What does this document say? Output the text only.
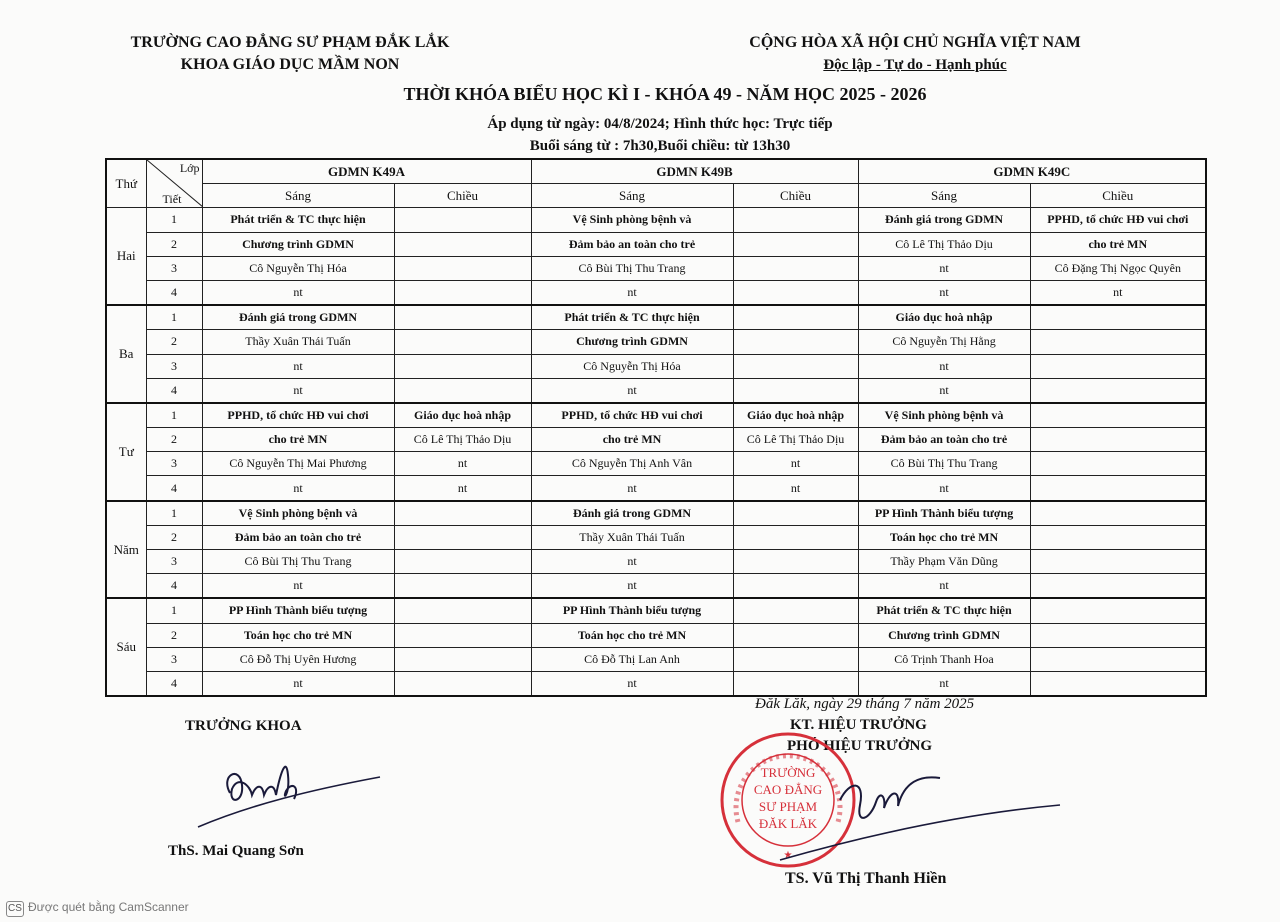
TRƯỜNG CAO ĐẲNG SƯ PHẠM ĐẮK LẮK
KHOA GIÁO DỤC MẦM NON
CỘNG HÒA XÃ HỘI CHỦ NGHĨA VIỆT NAM
Độc lập - Tự do - Hạnh phúc
THỜI KHÓA BIỂU HỌC KÌ I - KHÓA 49 - NĂM HỌC 2025 - 2026
Áp dụng từ ngày: 04/8/2024; Hình thức học: Trực tiếp
Buổi sáng từ : 7h30,Buổi chiều: từ 13h30
Thứ	Lớp
Tiết	GDMN K49A		GDMN K49B		GDMN K49C	
		Sáng	Chiều	Sáng	Chiều	Sáng	Chiều
Hai	1	Phát triển & TC thực hiện		Vệ Sinh phòng bệnh và		Đánh giá trong GDMN	PPHD, tổ chức HĐ vui chơi
	2	Chương trình GDMN		Đảm bảo an toàn cho trẻ		Cô Lê Thị Thảo Dịu	cho trẻ MN
	3	Cô Nguyễn Thị Hóa		Cô Bùi Thị Thu Trang		nt	Cô Đặng Thị Ngọc Quyên
	4	nt		nt		nt	nt
Ba	1	Đánh giá trong GDMN		Phát triển & TC thực hiện		Giáo dục hoà nhập	
	2	Thầy Xuân Thái Tuấn		Chương trình GDMN		Cô Nguyễn Thị Hằng	
	3	nt		Cô Nguyễn Thị Hóa		nt	
	4	nt		nt		nt	
Tư	1	PPHD, tổ chức HĐ vui chơi	Giáo dục hoà nhập	PPHD, tổ chức HĐ vui chơi	Giáo dục hoà nhập	Vệ Sinh phòng bệnh và	
	2	cho trẻ MN	Cô Lê Thị Thảo Dịu	cho trẻ MN	Cô Lê Thị Thảo Dịu	Đảm bảo an toàn cho trẻ	
	3	Cô Nguyễn Thị Mai Phương	nt	Cô Nguyễn Thị Anh Vân	nt	Cô Bùi Thị Thu Trang	
	4	nt	nt	nt	nt	nt	
Năm	1	Vệ Sinh phòng bệnh và		Đánh giá trong GDMN		PP Hình Thành biểu tượng	
	2	Đảm bảo an toàn cho trẻ		Thầy Xuân Thái Tuấn		Toán học cho trẻ MN	
	3	Cô Bùi Thị Thu Trang		nt		Thầy Phạm Văn Dũng	
	4	nt		nt		nt	
Sáu	1	PP Hình Thành biểu tượng		PP Hình Thành biểu tượng		Phát triển & TC thực hiện	
	2	Toán học cho trẻ MN		Toán học cho trẻ MN		Chương trình GDMN	
	3	Cô Đỗ Thị Uyên Hương		Cô Đỗ Thị Lan Anh		Cô Trịnh Thanh Hoa	
	4	nt		nt		nt	
TRƯỞNG KHOA
ThS. Mai Quang Sơn
Đăk Lăk, ngày 29 tháng 7 năm 2025
KT. HIỆU TRƯỞNG
PHÓ HIỆU TRƯỞNG
★
TRƯỜNG
CAO ĐẲNG
SƯ PHẠM
ĐĂK LĂK
TS. Vũ Thị Thanh Hiền
CS Được quét bằng CamScanner
